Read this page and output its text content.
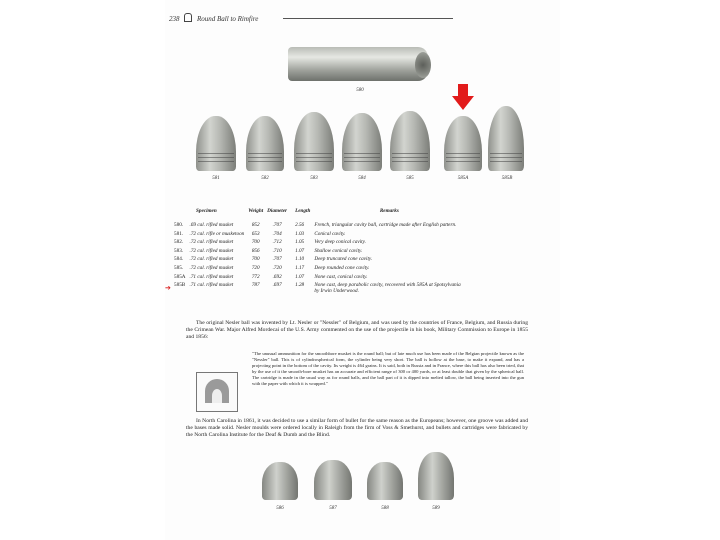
238	Round Ball to Rimfire
580
581	582	583	584	585	585A	585B
Specimen		Weight	Diameter	Length	Remarks
580.	.69 cal. rifled musket	852	.707	2.56	French, triangular cavity ball, cartridge made after English pattern.
581.	.72 cal. rifle or musketoon	653	.704	1.03	Conical cavity.
582.	.72 cal. rifled musket	700	.712	1.05	Very deep conical cavity.
583.	.72 cal. rifled musket	856	.710	1.07	Shallow conical cavity.
584.	.72 cal. rifled musket	700	.707	1.10	Deep truncated cone cavity.
585.	.72 cal. rifled musket	720	.720	1.17	Deep rounded cone cavity.
585A	.71 cal. rifled musket	772	.692	1.07	None cast, conical cavity.
585B	.71 cal. rifled musket	787	.697	1.28	None cast, deep parabolic cavity, recovered with 585A at Spotsylvania by Irwin Underwood.
➔
The original Nesler ball was invented by Lt. Nesler or "Nessler" of Belgium, and was used by the countries of France, Belgium, and Russia during the Crimean War. Major Alfred Mordecai of the U.S. Army commented on the use of the projectile in his book, Military Commission to Europe in 1855 and 1856:
"The unusual ammunition for the smoothbore musket is the round ball; but of late much use has been made of the Belgian projectile known as the "Nessler" ball. This is of cylindrospherical form, the cylinder being very short. The ball is hollow at the base, to make it expand, and has a projecting point in the bottom of the cavity. Its weight is 464 grains. It is said, both in Russia and in France, where this ball has also been tried, that by the use of it the smooth-bore musket has an accurate and efficient range of 300 or 400 yards, or at least double that given by the spherical ball. The cartridge is made in the usual way as for round balls, and the ball part of it is dipped into melted tallow, the ball being inserted into the gun with the paper with which it is wrapped."
In North Carolina in 1861, it was decided to use a similar form of bullet for the same reason as the Europeans; however, one groove was added and the bases made solid. Nesler moulds were ordered locally in Raleigh from the firm of Voss & Smethurst, and bullets and cartridges were fabricated by the North Carolina Institute for the Deaf & Dumb and the Blind.
586	587	588	589
